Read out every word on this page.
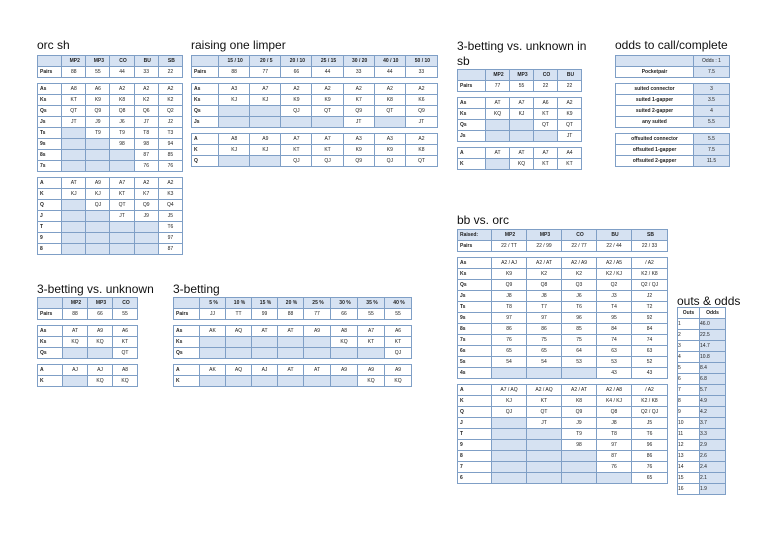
orc sh
	MP2	MP3	CO	BU	SB
Pairs	88	55	44	33	22

As	A8	A6	A2	A2	A2
Ks	KT	K9	K8	K2	K2
Qs	QT	Q9	Q8	Q6	Q2
Js	JT	J9	J6	J7	J2
Ts		T9	T9	T8	T3
9s			98	98	94
8s				87	85
7s				76	76

A	AT	A9	A7	A2	A2
K	KJ	KJ	KT	K7	K3
Q		QJ	QT	Q9	Q4
J			JT	J9	J5
T					T6
9					97
8					87
raising one limper
	15 / 10	20 / 5	20 / 10	25 / 15	30 / 20	40 / 10	50 / 10
Pairs	88	77	66	44	33	44	33

As	A3	A7	A2	A2	A2	A2	A2
Ks	KJ	KJ	K9	K9	K7	K8	K6
Qs			QJ	QT	Q9	QT	Q9
Js					JT		JT

A	A8	A9	A7	A7	A3	A3	A2
K	KJ	KJ	KT	KT	K9	K9	K8
Q			QJ	QJ	Q9	QJ	QT
3-betting vs. unknown in sb
	MP2	MP3	CO	BU
Pairs	77	55	22	22

As	AT	A7	A6	A2
Ks	KQ	KJ	KT	K9
Qs			QT	QT
Js				JT

A	AT	AT	A7	A4
K		KQ	KT	KT
odds to call/complete
	Odds : 1
Pocketpair	7.5

suited connector	3
suited 1-gapper	3.5
suited 2-gapper	4
any suited	5.5

offsuited connector	5.5
offsuited 1-gapper	7.5
offsuited 2-gapper	11.5
bb vs. orc
Raised:	MP2	MP3	CO	BU	SB
Pairs	22 / TT	22 / 99	22 / 77	22 / 44	22 / 33

As	A2 / AJ	A2 / AT	A2 / A9	A2 / A5	/ A2
Ks	K9	K2	K2	K2 / KJ	K2 / K8
Qs	Q9	Q8	Q3	Q2	Q2 / QJ
Js	J8	J8	J6	J3	J2
Ts	T8	T7	T6	T4	T2
9s	97	97	96	95	92
8s	86	86	85	84	84
7s	76	75	75	74	74
6s	65	65	64	63	63
5s	54	54	53	53	52
4s				43	43

A	A7 / AQ	A2 / AQ	A2 / AT	A2 / A8	/ A2
K	KJ	KT	K8	K4 / KJ	K2 / K8
Q	QJ	QT	Q9	Q8	Q2 / QJ
J		JT	J9	J8	J5
T			T9	T8	T6
9			98	97	96
8				87	86
7				76	76
6					65
3-betting vs. unknown
	MP2	MP3	CO
Pairs	88	66	55

As	AT	A9	A6
Ks	KQ	KQ	KT
Qs			QT

A	AJ	AJ	A8
K		KQ	KQ
3-betting
	5 %	10 %	15 %	20 %	25 %	30 %	35 %	40 %
Pairs	JJ	TT	99	88	77	66	55	55

As	AK	AQ	AT	AT	A9	A8	A7	A6
Ks						KQ	KT	KT
Qs								QJ

A	AK	AQ	AJ	AT	AT	A9	A9	A9
K							KQ	KQ
outs & odds
Outs	Odds
1	46.0
2	22.5
3	14.7
4	10.8
5	8.4
6	6.8
7	5.7
8	4.9
9	4.2
10	3.7
11	3.3
12	2.9
13	2.6
14	2.4
15	2.1
16	1.9
